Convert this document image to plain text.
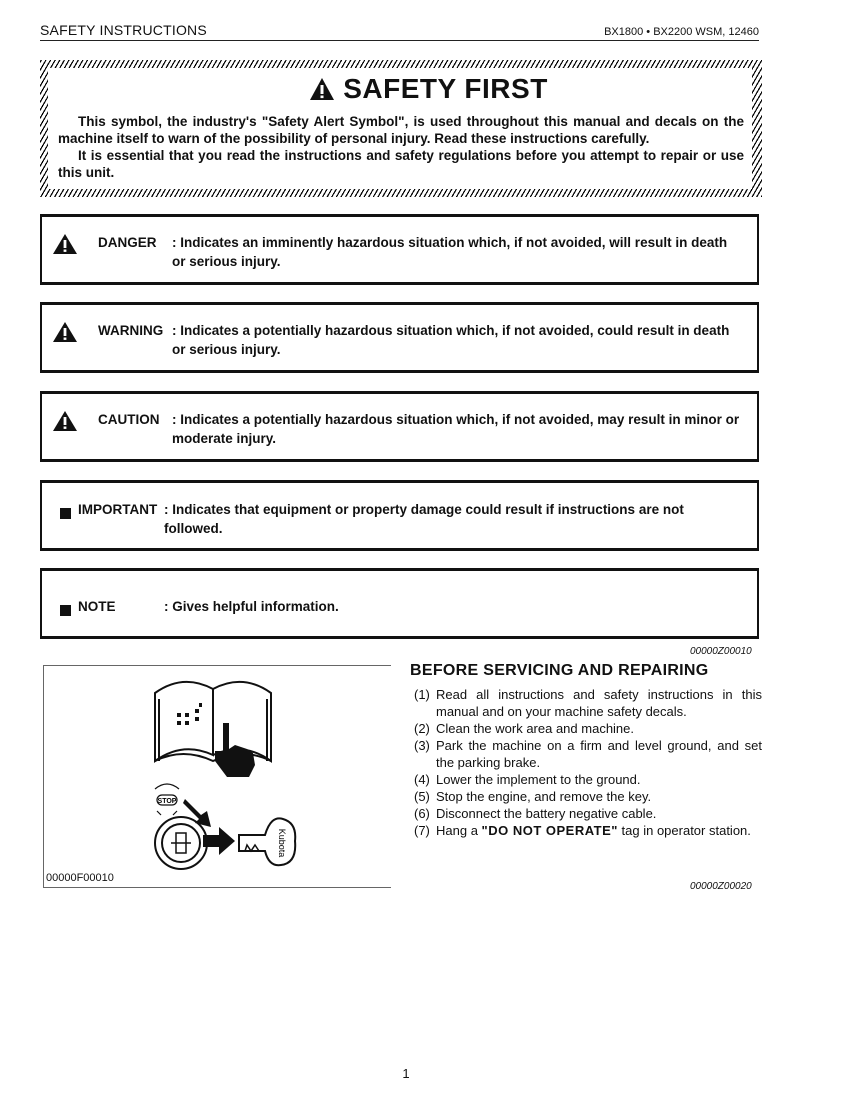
SAFETY INSTRUCTIONS	BX1800 • BX2200 WSM, 12460
SAFETY FIRST

This symbol, the industry's "Safety Alert Symbol", is used throughout this manual and decals on the machine itself to warn of the possibility of personal injury. Read these instructions carefully.

It is essential that you read the instructions and safety regulations before you attempt to repair or use this unit.

DANGER : Indicates an imminently hazardous situation which, if not avoided, will result in death or serious injury.
WARNING : Indicates a potentially hazardous situation which, if not avoided, could result in death or serious injury.
CAUTION : Indicates a potentially hazardous situation which, if not avoided, may result in minor or moderate injury.
IMPORTANT : Indicates that equipment or property damage could result if instructions are not followed.
NOTE	: Gives helpful information.
00000Z00010
STOP
Kubota
00000F00010
BEFORE SERVICING AND REPAIRING
(1) Read all instructions and safety instructions in this manual and on your machine safety decals.
(2) Clean the work area and machine.
(3) Park the machine on a firm and level ground, and set the parking brake.
(4) Lower the implement to the ground.
(5) Stop the engine, and remove the key.
(6) Disconnect the battery negative cable.
(7) Hang a "DO NOT OPERATE" tag in operator station.
00000Z00020
1
